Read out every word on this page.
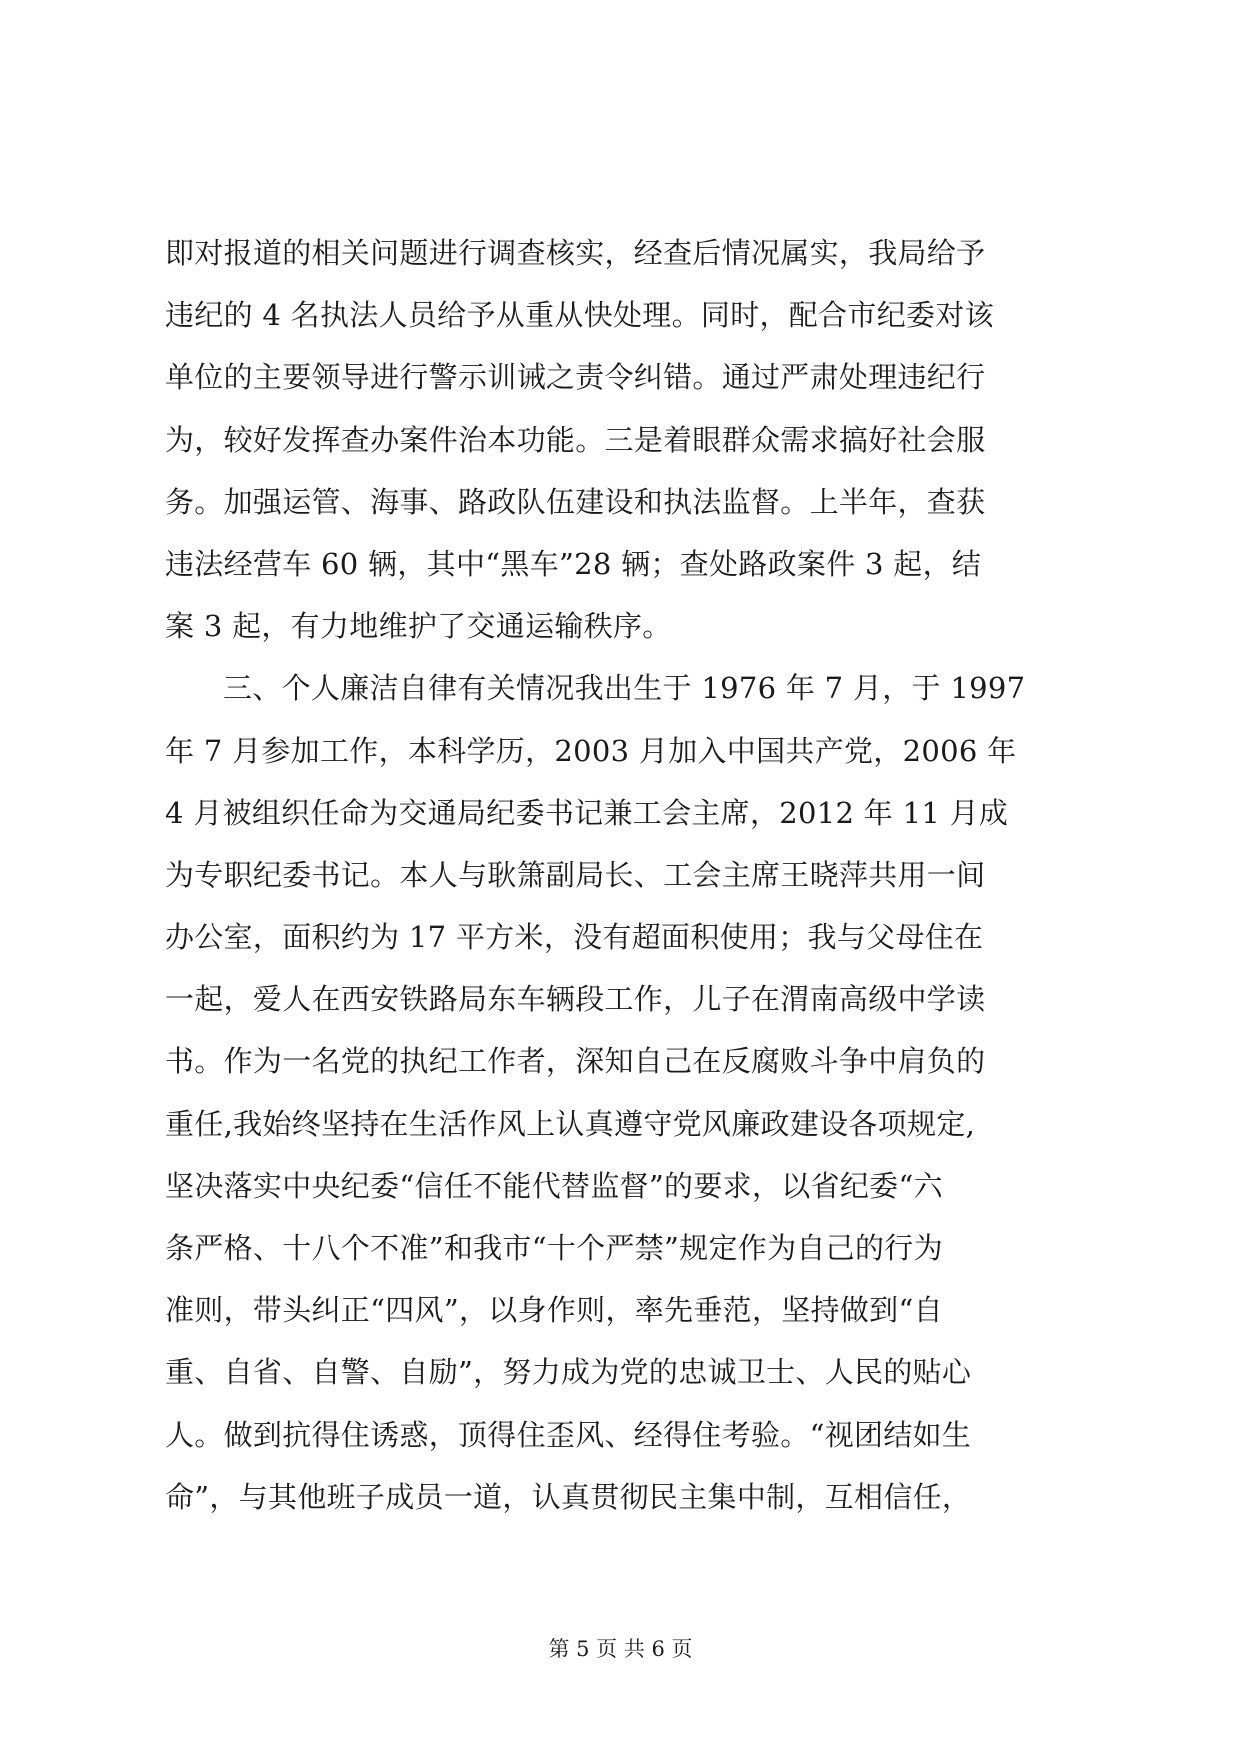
即对报道的相关问题进行调查核实，经查后情况属实，我局给予
违纪的 4 名执法人员给予从重从快处理。同时，配合市纪委对该
单位的主要领导进行警示训诫之责令纠错。通过严肃处理违纪行
为，较好发挥查办案件治本功能。三是着眼群众需求搞好社会服
务。加强运管、海事、路政队伍建设和执法监督。上半年，查获
违法经营车 60 辆，其中“黑车”28 辆；查处路政案件 3 起，结
案 3 起，有力地维护了交通运输秩序。
三、个人廉洁自律有关情况我出生于 1976 年 7 月，于 1997
年 7 月参加工作，本科学历，2003 月加入中国共产党，2006 年
4 月被组织任命为交通局纪委书记兼工会主席，2012 年 11 月成
为专职纪委书记。本人与耿箫副局长、工会主席王晓萍共用一间
办公室，面积约为 17 平方米，没有超面积使用；我与父母住在
一起，爱人在西安铁路局东车辆段工作，儿子在渭南高级中学读
书。作为一名党的执纪工作者，深知自己在反腐败斗争中肩负的
重任,我始终坚持在生活作风上认真遵守党风廉政建设各项规定,
坚决落实中央纪委“信任不能代替监督”的要求，以省纪委“六
条严格、十八个不准”和我市“十个严禁”规定作为自己的行为
准则，带头纠正“四风”，以身作则，率先垂范，坚持做到“自
重、自省、自警、自励”，努力成为党的忠诚卫士、人民的贴心
人。做到抗得住诱惑，顶得住歪风、经得住考验。“视团结如生
命”，与其他班子成员一道，认真贯彻民主集中制，互相信任，
第 5 页 共 6 页
